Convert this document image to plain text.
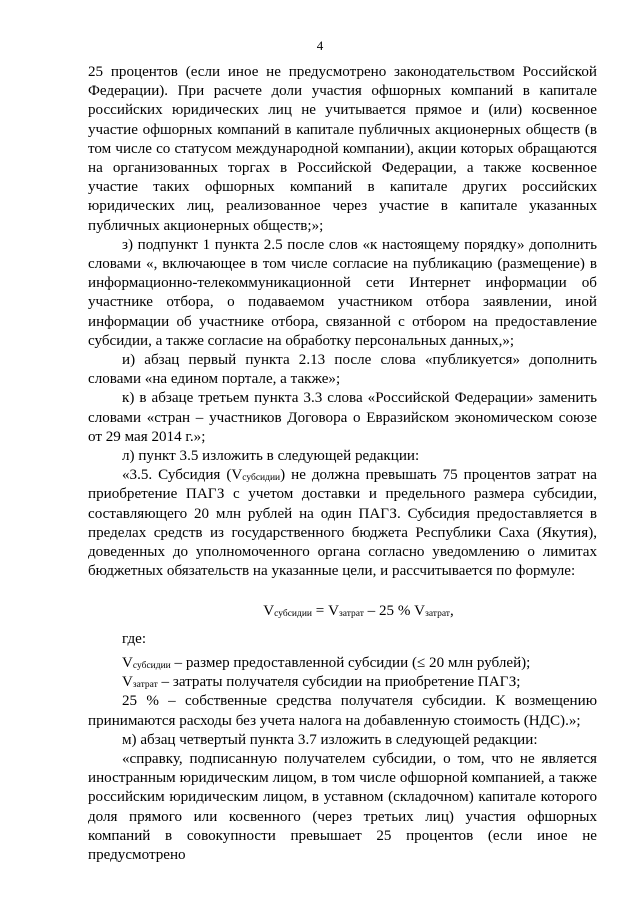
4

25 процентов (если иное не предусмотрено законодательством Российской Федерации). При расчете доли участия офшорных компаний в капитале российских юридических лиц не учитывается прямое и (или) косвенное участие офшорных компаний в капитале публичных акционерных обществ (в том числе со статусом международной компании), акции которых обращаются на организованных торгах в Российской Федерации, а также косвенное участие таких офшорных компаний в капитале других российских юридических лиц, реализованное через участие в капитале указанных публичных акционерных обществ;»;

з) подпункт 1 пункта 2.5 после слов «к настоящему порядку» дополнить словами «, включающее в том числе согласие на публикацию (размещение) в информационно-телекоммуникационной сети Интернет информации об участнике отбора, о подаваемом участником отбора заявлении, иной информации об участнике отбора, связанной с отбором на предоставление субсидии, а также согласие на обработку персональных данных,»;

и) абзац первый пункта 2.13 после слова «публикуется» дополнить словами «на едином портале, а также»;

к) в абзаце третьем пункта 3.3 слова «Российской Федерации» заменить словами «стран – участников Договора о Евразийском экономическом союзе от 29 мая 2014 г.»;

л) пункт 3.5 изложить в следующей редакции:

«3.5. Субсидия $(V_{субсидии})$ не должна превышать 75 процентов затрат на приобретение ПАГЗ с учетом доставки и предельного размера субсидии, составляющего 20 млн рублей на один ПАГЗ. Субсидия предоставляется в пределах средств из государственного бюджета Республики Саха (Якутия), доведенных до уполномоченного органа согласно уведомлению о лимитах бюджетных обязательств на указанные цели, и рассчитывается по формуле:

$V_{субсидии} = V_{затрат} - 25$ % $V_{затрат}$,

где:

$V_{субсидии}$ – размер предоставленной субсидии (≤ 20 млн рублей);

$V_{затрат}$ – затраты получателя субсидии на приобретение ПАГЗ;

25 % – собственные средства получателя субсидии. К возмещению принимаются расходы без учета налога на добавленную стоимость (НДС).»;

м) абзац четвертый пункта 3.7 изложить в следующей редакции:

«справку, подписанную получателем субсидии, о том, что не является иностранным юридическим лицом, в том числе офшорной компанией, а также российским юридическим лицом, в уставном (складочном) капитале которого доля прямого или косвенного (через третьих лиц) участия офшорных компаний в совокупности превышает 25 процентов (если иное не предусмотрено
